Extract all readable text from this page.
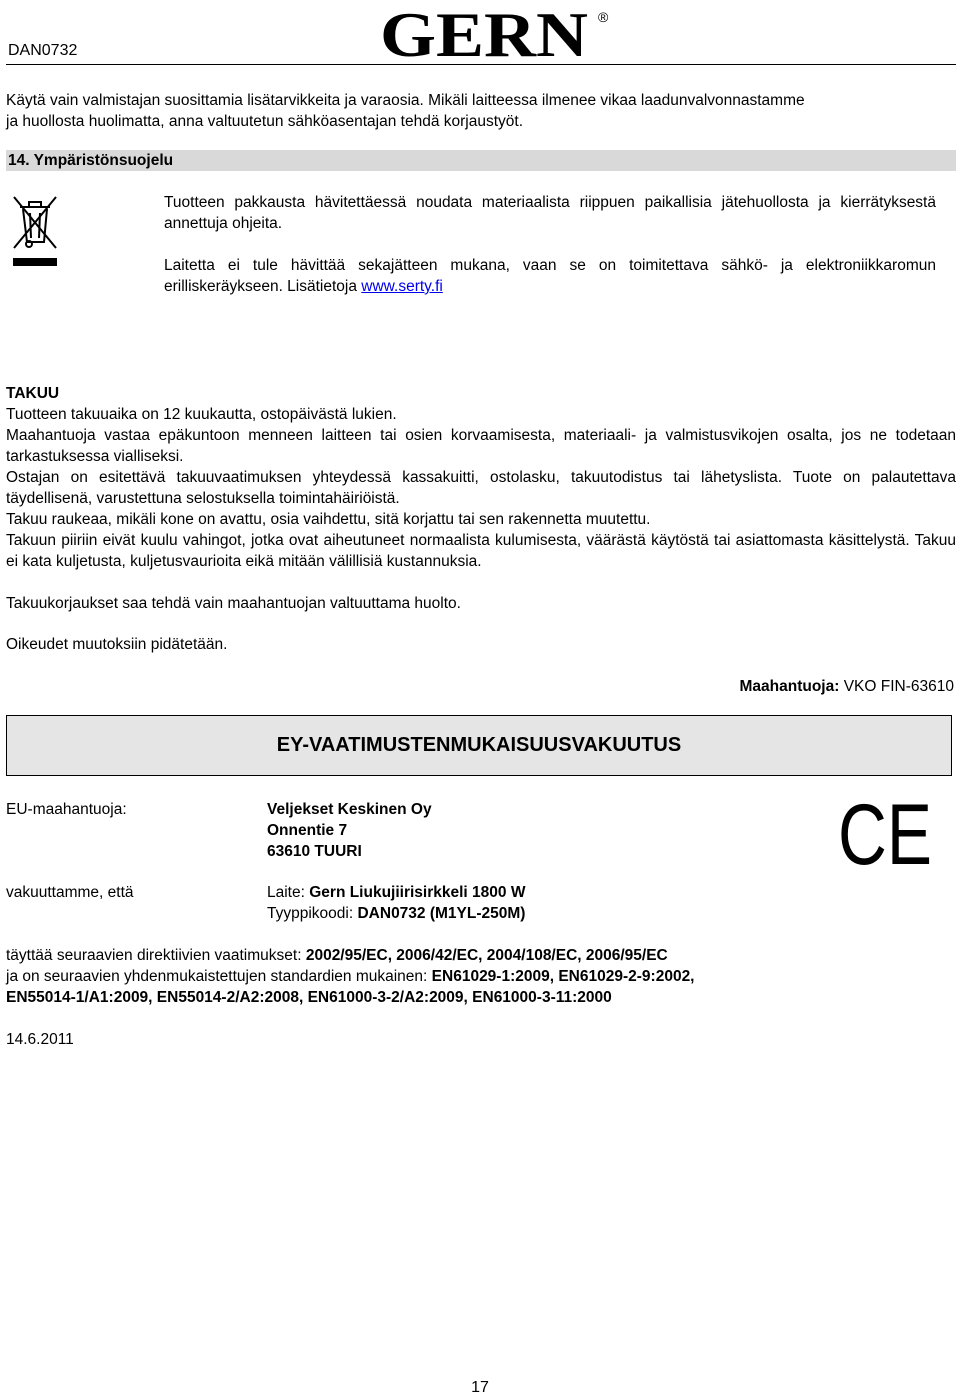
DAN0732	GERN ®

Käytä vain valmistajan suosittamia lisätarvikkeita ja varaosia. Mikäli laitteessa ilmenee vikaa laadunvalvonnastamme

ja huollosta huolimatta, anna valtuutetun sähköasentajan tehdä korjaustyöt.

14. Ympäristönsuojelu

Tuotteen pakkausta hävitettäessä noudata materiaalista riippuen paikallisia jätehuollosta ja kierrätyksestä annettuja ohjeita.

Laitetta ei tule hävittää sekajätteen mukana, vaan se on toimitettava sähkö- ja elektroniikkaromun erilliskeräykseen. Lisätietoja www.serty.fi

TAKUU

Tuotteen takuuaika on 12 kuukautta, ostopäivästä lukien.

Maahantuoja vastaa epäkuntoon menneen laitteen tai osien korvaamisesta, materiaali- ja valmistusvikojen osalta, jos ne todetaan tarkastuksessa vialliseksi.

Ostajan on esitettävä takuuvaatimuksen yhteydessä kassakuitti, ostolasku, takuutodistus tai lähetyslista. Tuote on palautettava täydellisenä, varustettuna selostuksella toimintahäiriöistä.

Takuu raukeaa, mikäli kone on avattu, osia vaihdettu, sitä korjattu tai sen rakennetta muutettu.

Takuun piiriin eivät kuulu vahingot, jotka ovat aiheutuneet normaalista kulumisesta, väärästä käytöstä tai asiattomasta käsittelystä. Takuu ei kata kuljetusta, kuljetusvaurioita eikä mitään välillisiä kustannuksia.

Takuukorjaukset saa tehdä vain maahantuojan valtuuttama huolto.

Oikeudet muutoksiin pidätetään.

Maahantuoja: VKO FIN-63610

EY-VAATIMUSTENMUKAISUUSVAKUUTUS

EU-maahantuoja:	Veljekset Keskinen Oy

Onnentie 7

63610 TUURI	CE

vakuuttamme, että	Laite: Gern Liukujiirisirkkeli 1800 W

Tyyppikoodi: DAN0732 (M1YL-250M)

täyttää seuraavien direktiivien vaatimukset: 2002/95/EC, 2006/42/EC, 2004/108/EC, 2006/95/EC

ja on seuraavien yhdenmukaistettujen standardien mukainen: EN61029-1:2009, EN61029-2-9:2002,

EN55014-1/A1:2009, EN55014-2/A2:2008, EN61000-3-2/A2:2009, EN61000-3-11:2000

14.6.2011

17
